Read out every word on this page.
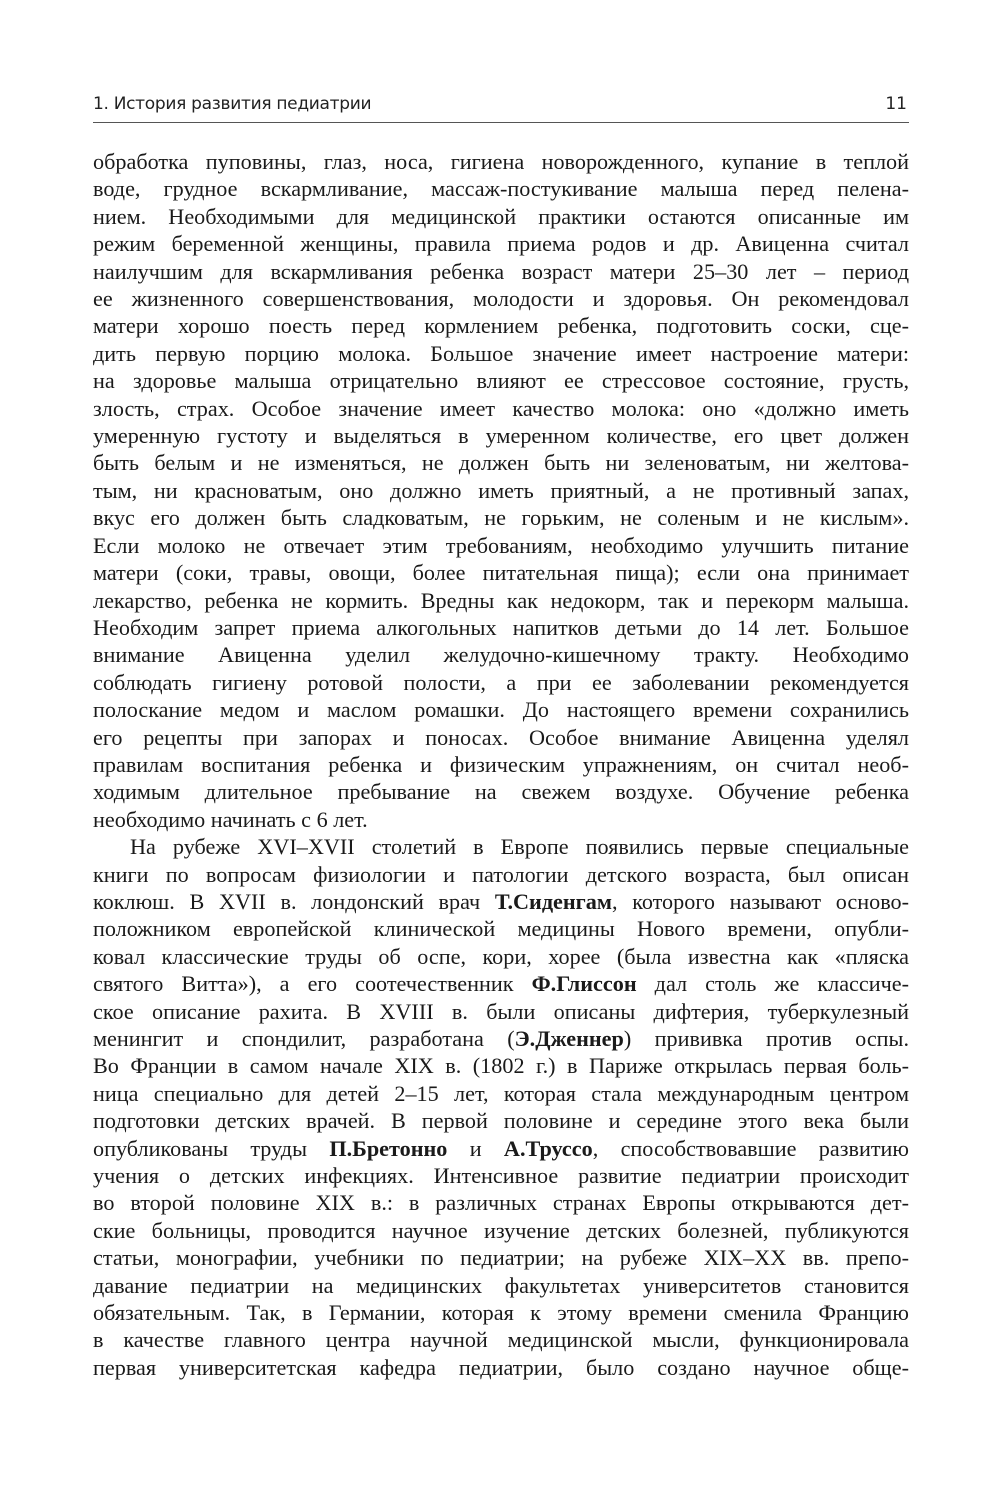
1. История развития педиатрии	11

обработка пуповины, глаз, носа, гигиена новорожденного, купание в теплой
воде, грудное вскармливание, массаж-постукивание малыша перед пелена-
нием. Необходимыми для медицинской практики остаются описанные им
режим беременной женщины, правила приема родов и др. Авиценна считал
наилучшим для вскармливания ребенка возраст матери 25–30 лет – период
ее жизненного совершенствования, молодости и здоровья. Он рекомендовал
матери хорошо поесть перед кормлением ребенка, подготовить соски, сце-
дить первую порцию молока. Большое значение имеет настроение матери:
на здоровье малыша отрицательно влияют ее стрессовое состояние, грусть,
злость, страх. Особое значение имеет качество молока: оно «должно иметь
умеренную густоту и выделяться в умеренном количестве, его цвет должен
быть белым и не изменяться, не должен быть ни зеленоватым, ни желтова-
тым, ни красноватым, оно должно иметь приятный, а не противный запах,
вкус его должен быть сладковатым, не горьким, не соленым и не кислым».
Если молоко не отвечает этим требованиям, необходимо улучшить питание
матери (соки, травы, овощи, более питательная пища); если она принимает
лекарство, ребенка не кормить. Вредны как недокорм, так и перекорм малыша.
Необходим запрет приема алкогольных напитков детьми до 14 лет. Большое
внимание Авиценна уделил желудочно-кишечному тракту. Необходимо
соблюдать гигиену ротовой полости, а при ее заболевании рекомендуется
полоскание медом и маслом ромашки. До настоящего времени сохранились
его рецепты при запорах и поносах. Особое внимание Авиценна уделял
правилам воспитания ребенка и физическим упражнениям, он считал необ-
ходимым длительное пребывание на свежем воздухе. Обучение ребенка
необходимо начинать с 6 лет.

На рубеже XVI–XVII столетий в Европе появились первые специальные
книги по вопросам физиологии и патологии детского возраста, был описан
коклюш. В XVII в. лондонский врач Т.Сиденгам, которого называют осново-
положником европейской клинической медицины Нового времени, опубли-
ковал классические труды об оспе, кори, хорее (была известна как «пляска
святого Витта»), а его соотечественник Ф.Глиссон дал столь же классиче-
ское описание рахита. В XVIII в. были описаны дифтерия, туберкулезный
менингит и спондилит, разработана (Э.Дженнер) прививка против оспы.
Во Франции в самом начале XIX в. (1802 г.) в Париже открылась первая боль-
ница специально для детей 2–15 лет, которая стала международным центром
подготовки детских врачей. В первой половине и середине этого века были
опубликованы труды П.Бретонно и А.Труссо, способствовавшие развитию
учения о детских инфекциях. Интенсивное развитие педиатрии происходит
во второй половине XIX в.: в различных странах Европы открываются дет-
ские больницы, проводится научное изучение детских болезней, публикуются
статьи, монографии, учебники по педиатрии; на рубеже XIX–XX вв. препо-
давание педиатрии на медицинских факультетах университетов становится
обязательным. Так, в Германии, которая к этому времени сменила Францию
в качестве главного центра научной медицинской мысли, функционировала
первая университетская кафедра педиатрии, было создано научное обще-
